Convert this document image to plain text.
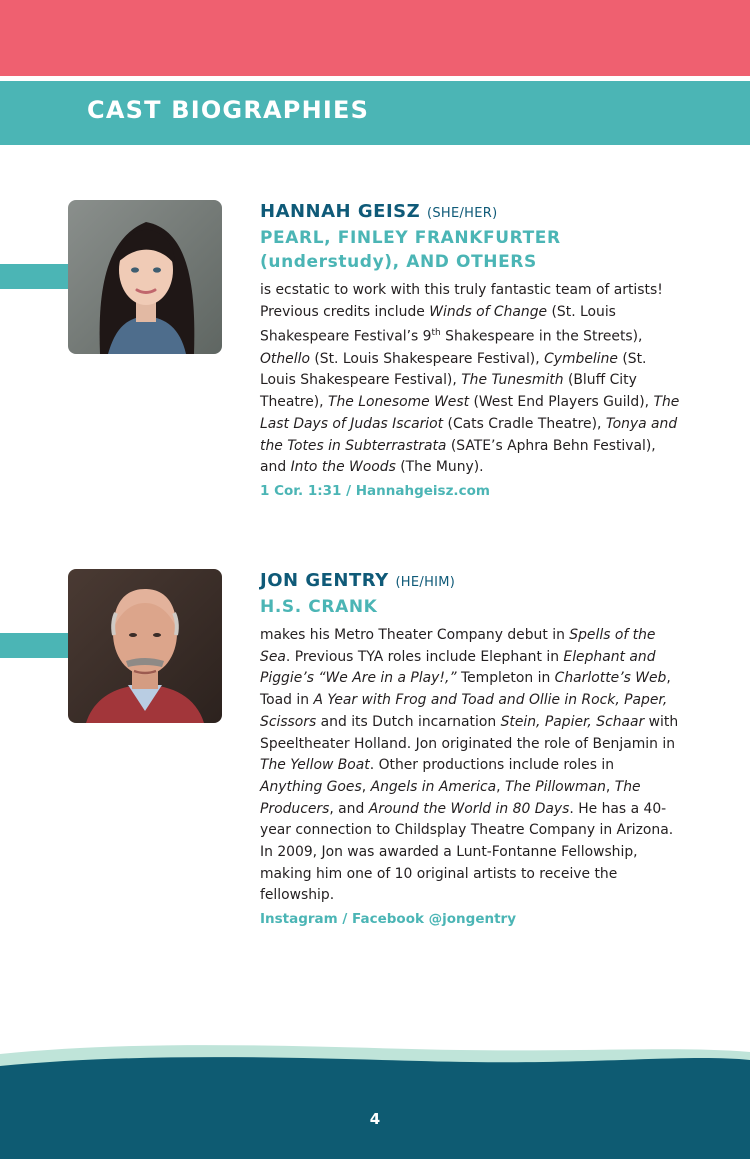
CAST BIOGRAPHIES

HANNAH GEISZ (SHE/HER)

PEARL, FINLEY FRANKFURTER (understudy), AND OTHERS

is ecstatic to work with this truly fantastic team of artists! Previous credits include Winds of Change (St. Louis Shakespeare Festival’s 9th Shakespeare in the Streets), Othello (St. Louis Shakespeare Festival), Cymbeline (St. Louis Shakespeare Festival), The Tunesmith (Bluff City Theatre), The Lonesome West (West End Players Guild), The Last Days of Judas Iscariot (Cats Cradle Theatre), Tonya and the Totes in Subterrastrata (SATE’s Aphra Behn Festival), and Into the Woods (The Muny).

1 Cor. 1:31 / Hannahgeisz.com

JON GENTRY (HE/HIM)

H.S. CRANK

makes his Metro Theater Company debut in Spells of the Sea. Previous TYA roles include Elephant in Elephant and Piggie’s “We Are in a Play!,” Templeton in Charlotte’s Web, Toad in A Year with Frog and Toad and Ollie in Rock, Paper, Scissors and its Dutch incarnation Stein, Papier, Schaar with Speeltheater Holland. Jon originated the role of Benjamin in The Yellow Boat. Other productions include roles in Anything Goes, Angels in America, The Pillowman, The Producers, and Around the World in 80 Days. He has a 40-year connection to Childsplay Theatre Company in Arizona. In 2009, Jon was awarded a Lunt-Fontanne Fellowship, making him one of 10 original artists to receive the fellowship.

Instagram / Facebook @jongentry

4
